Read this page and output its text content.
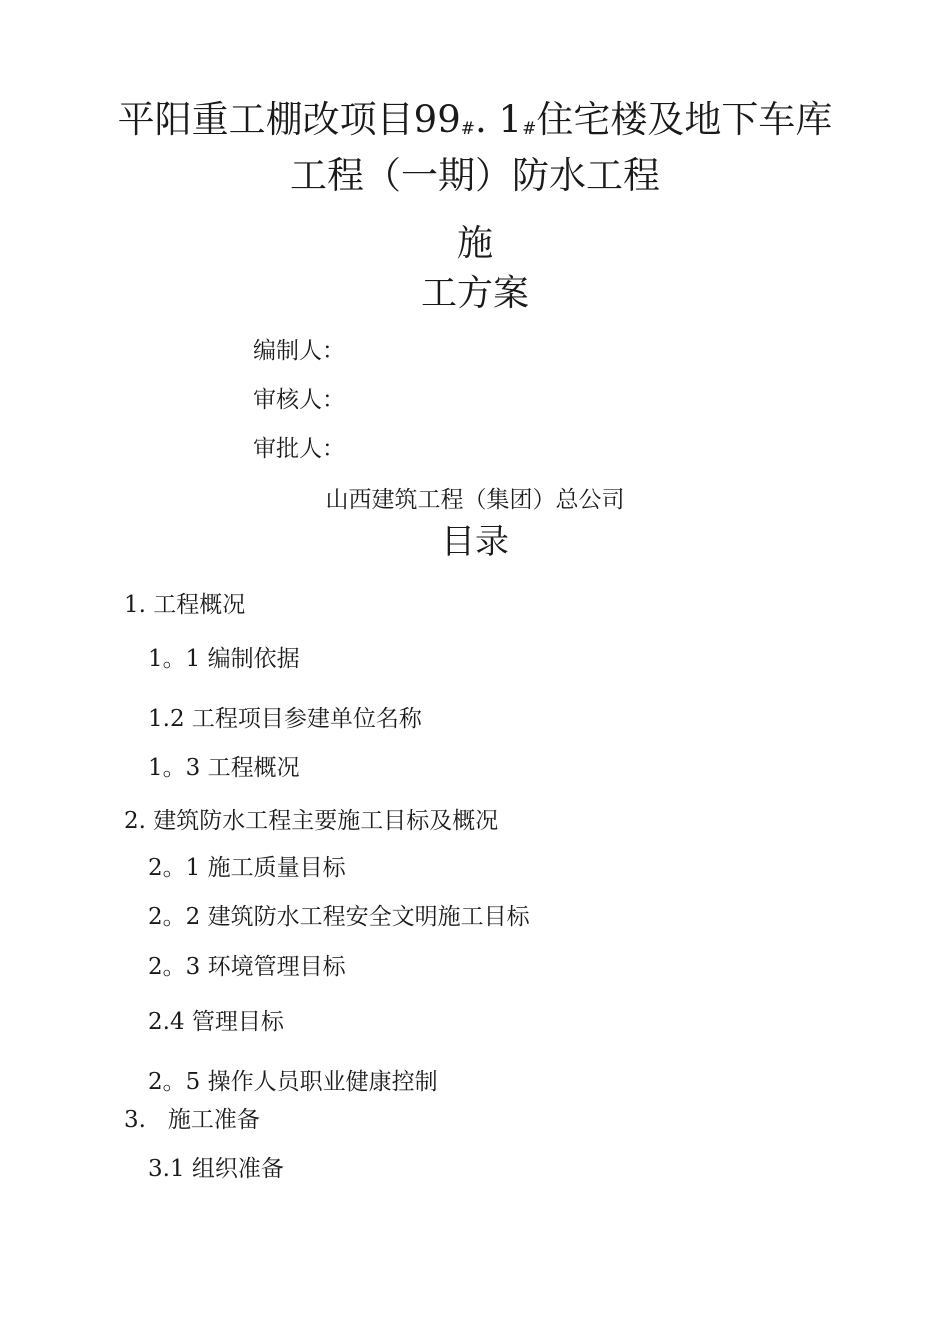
平阳重工棚改项目$99_{\#}$. $1_{\#}$住宅楼及地下车库
工程（一期）防水工程
施
工方案
编制人：
审核人：
审批人：
山西建筑工程（集团）总公司
目录
1. 工程概况
1。1 编制依据
1.2 工程项目参建单位名称
1。3 工程概况
2. 建筑防水工程主要施工目标及概况
2。1 施工质量目标
2。2 建筑防水工程安全文明施工目标
2。3 环境管理目标
2.4 管理目标
2。5 操作人员职业健康控制
3.   施工准备
3.1 组织准备
